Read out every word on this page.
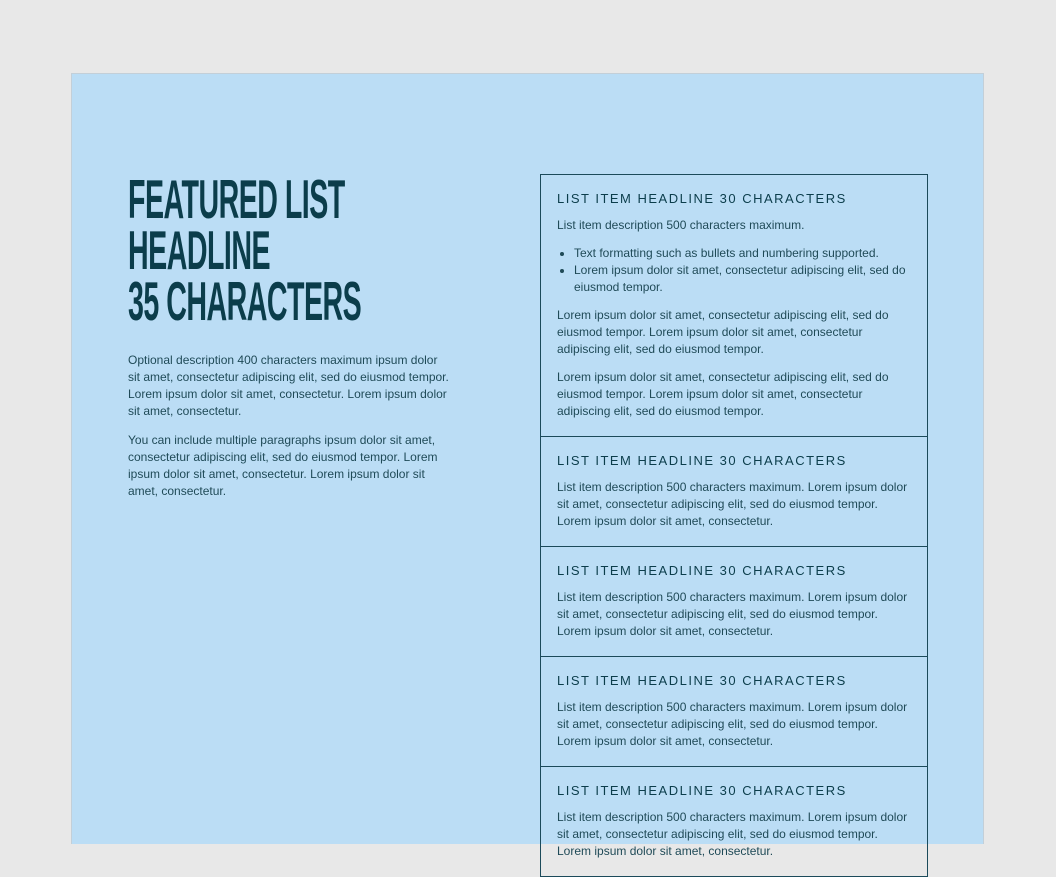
FEATURED LIST HEADLINE
35 CHARACTERS

Optional description 400 characters maximum ipsum dolor sit amet, consectetur adipiscing elit, sed do eiusmod tempor. Lorem ipsum dolor sit amet, consectetur. Lorem ipsum dolor sit amet, consectetur.

You can include multiple paragraphs ipsum dolor sit amet, consectetur adipiscing elit, sed do eiusmod tempor. Lorem ipsum dolor sit amet, consectetur. Lorem ipsum dolor sit amet, consectetur.

LIST ITEM HEADLINE 30 CHARACTERS

List item description 500 characters maximum.

• Text formatting such as bullets and numbering supported.
• Lorem ipsum dolor sit amet, consectetur adipiscing elit, sed do eiusmod tempor.

Lorem ipsum dolor sit amet, consectetur adipiscing elit, sed do eiusmod tempor. Lorem ipsum dolor sit amet, consectetur adipiscing elit, sed do eiusmod tempor.

Lorem ipsum dolor sit amet, consectetur adipiscing elit, sed do eiusmod tempor. Lorem ipsum dolor sit amet, consectetur adipiscing elit, sed do eiusmod tempor.

LIST ITEM HEADLINE 30 CHARACTERS

List item description 500 characters maximum. Lorem ipsum dolor sit amet, consectetur adipiscing elit, sed do eiusmod tempor. Lorem ipsum dolor sit amet, consectetur.

LIST ITEM HEADLINE 30 CHARACTERS

List item description 500 characters maximum. Lorem ipsum dolor sit amet, consectetur adipiscing elit, sed do eiusmod tempor. Lorem ipsum dolor sit amet, consectetur.

LIST ITEM HEADLINE 30 CHARACTERS

List item description 500 characters maximum. Lorem ipsum dolor sit amet, consectetur adipiscing elit, sed do eiusmod tempor. Lorem ipsum dolor sit amet, consectetur.

LIST ITEM HEADLINE 30 CHARACTERS

List item description 500 characters maximum. Lorem ipsum dolor sit amet, consectetur adipiscing elit, sed do eiusmod tempor. Lorem ipsum dolor sit amet, consectetur.
